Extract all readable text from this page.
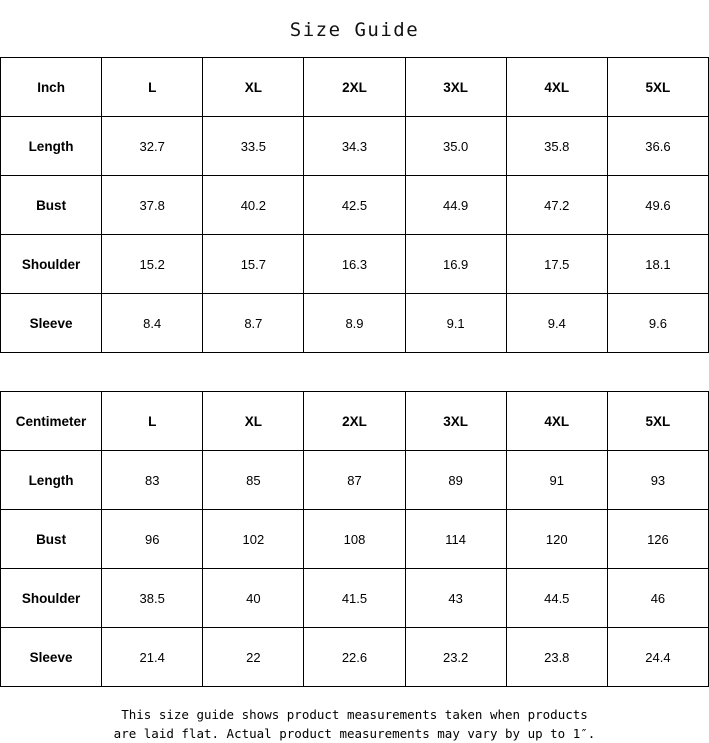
Size Guide
Inch	L	XL	2XL	3XL	4XL	5XL
Length	32.7	33.5	34.3	35.0	35.8	36.6
Bust	37.8	40.2	42.5	44.9	47.2	49.6
Shoulder	15.2	15.7	16.3	16.9	17.5	18.1
Sleeve	8.4	8.7	8.9	9.1	9.4	9.6
Centimeter	L	XL	2XL	3XL	4XL	5XL
Length	83	85	87	89	91	93
Bust	96	102	108	114	120	126
Shoulder	38.5	40	41.5	43	44.5	46
Sleeve	21.4	22	22.6	23.2	23.8	24.4
This size guide shows product measurements taken when products
are laid flat. Actual product measurements may vary by up to 1″.
